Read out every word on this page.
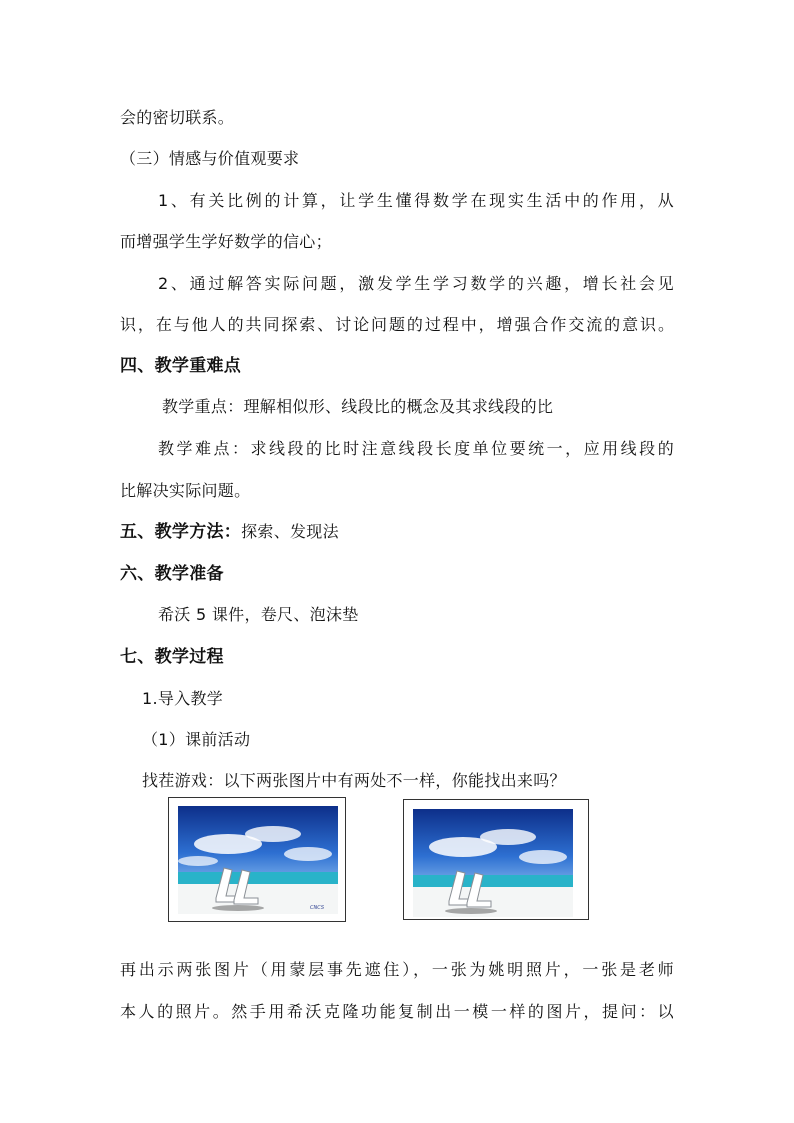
会的密切联系。
（三）情感与价值观要求
1、有关比例的计算，让学生懂得数学在现实生活中的作用，从
而增强学生学好数学的信心；
2、通过解答实际问题，激发学生学习数学的兴趣，增长社会见
识，在与他人的共同探索、讨论问题的过程中，增强合作交流的意识。
四、教学重难点
教学重点：理解相似形、线段比的概念及其求线段的比
教学难点：求线段的比时注意线段长度单位要统一，应用线段的
比解决实际问题。
五、教学方法：探索、发现法
六、教学准备
希沃 5 课件，卷尺、泡沫垫
七、教学过程
1.导入教学
（1）课前活动
找茬游戏：以下两张图片中有两处不一样，你能找出来吗？
CNCS
再出示两张图片（用蒙层事先遮住），一张为姚明照片，一张是老师
本人的照片。然手用希沃克隆功能复制出一模一样的图片，提问：以
